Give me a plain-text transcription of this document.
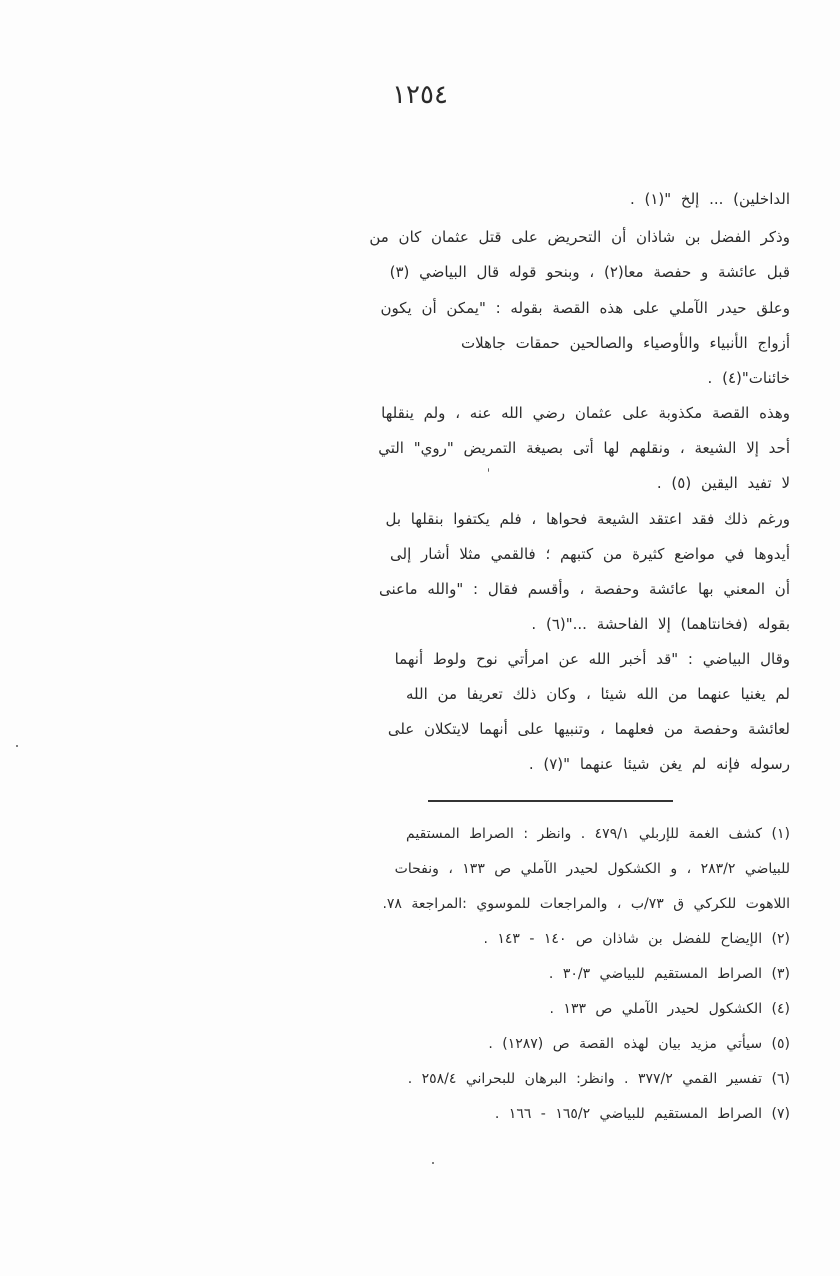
١٢٥٤
الداخلين) ... إلخ "(١) .
وذكر الفضل بن شاذان أن التحريض على قتل عثمان كان من
قبل عائشة و حفصة معا(٢) ، وبنحو قوله قال البياضي (٣)
وعلق حيدر الآملي على هذه القصة بقوله : "يمكن أن يكون
أزواج الأنبياء والأوصياء والصالحين حمقات جاهلات
خائنات"(٤) .
وهذه القصة مكذوبة على عثمان رضي الله عنه ، ولم ينقلها
أحد إلا الشيعة ، ونقلهم لها أتى بصيغة التمريض "روي" التي
لا تفيد اليقين (٥) .
ورغم ذلك فقد اعتقد الشيعة فحواها ، فلم يكتفوا بنقلها بل
أيدوها في مواضع كثيرة من كتبهم ؛ فالقمي مثلا أشار إلى
أن المعني بها عائشة وحفصة ، وأقسم فقال : "والله ماعنى
بقوله (فخانتاهما) إلا الفاحشة ..."(٦) .
وقال البياضي : "قد أخبر الله عن امرأتي نوح ولوط أنهما
لم يغنيا عنهما من الله شيئا ، وكان ذلك تعريفا من الله
لعائشة وحفصة من فعلهما ، وتنبيها على أنهما لايتكلان على
رسوله فإنه لم يغن شيئا عنهما "(٧) .
(١) كشف الغمة للإربلي ٤٧٩/١ . وانظر : الصراط المستقيم
للبياضي ٢٨٣/٢ ، و الكشكول لحيدر الآملي ص ١٣٣ ، ونفحات
اللاهوت للكركي ق ٧٣/ب ، والمراجعات للموسوي :المراجعة ٧٨.
(٢) الإيضاح للفضل بن شاذان ص ١٤٠ - ١٤٣ .
(٣) الصراط المستقيم للبياضي ٣٠/٣ .
(٤) الكشكول لحيدر الآملي ص ١٣٣ .
(٥) سيأتي مزيد بيان لهذه القصة ص (١٢٨٧) .
(٦) تفسير القمي ٣٧٧/٢ . وانظر: البرهان للبحراني ٢٥٨/٤ .
(٧) الصراط المستقيم للبياضي ١٦٥/٢ - ١٦٦ .
